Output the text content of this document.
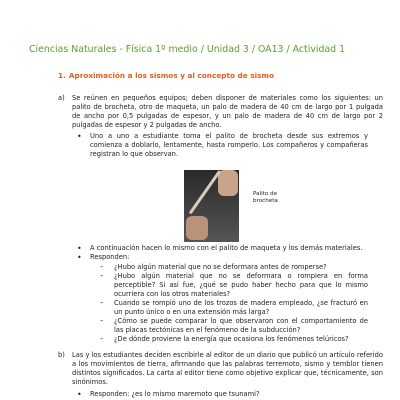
Ciencias Naturales - Física 1º medio / Unidad 3 / OA13 / Actividad 1
1. Aproximación a los sismos y al concepto de sismo
a) Se reúnen en pequeños equipos; deben disponer de materiales como los siguientes: un palito de brocheta, otro de maqueta, un palo de madera de 40 cm de largo por 1 pulgada de ancho por 0,5 pulgadas de espesor, y un palo de madera de 40 cm de largo por 2 pulgadas de espesor y 2 pulgadas de ancho.
• Uno a uno a estudiante toma el palito de brocheta desde sus extremos y comienza a doblarlo, lentamente, hasta romperlo. Los compañeros y compañeras registran lo que observan.
Palito de brocheta
• A continuación hacen lo mismo con el palito de maqueta y los demás materiales.
• Responden:
– ¿Hubo algún material que no se deformara antes de romperse?
– ¿Hubo algún material que no se deformara o rompiera en forma perceptible? Si así fue, ¿qué se pudo haber hecho para que lo mismo ocurriera con los otros materiales?
– Cuando se rompió uno de los trozos de madera empleado, ¿se fracturó en un punto único o en una extensión más larga?
– ¿Cómo se puede comparar lo que observaron con el comportamiento de las placas tectónicas en el fenómeno de la subducción?
– ¿De dónde proviene la energía que ocasiona los fenómenos telúricos?
b) Las y los estudiantes deciden escribirle al editor de un diario que publicó un artículo referido a los movimientos de tierra, afirmando que las palabras terremoto, sismo y temblor tienen distintos significados. La carta al editor tiene como objetivo explicar que, técnicamente, son sinónimos.
• Responden: ¿es lo mismo maremoto que tsunami?
